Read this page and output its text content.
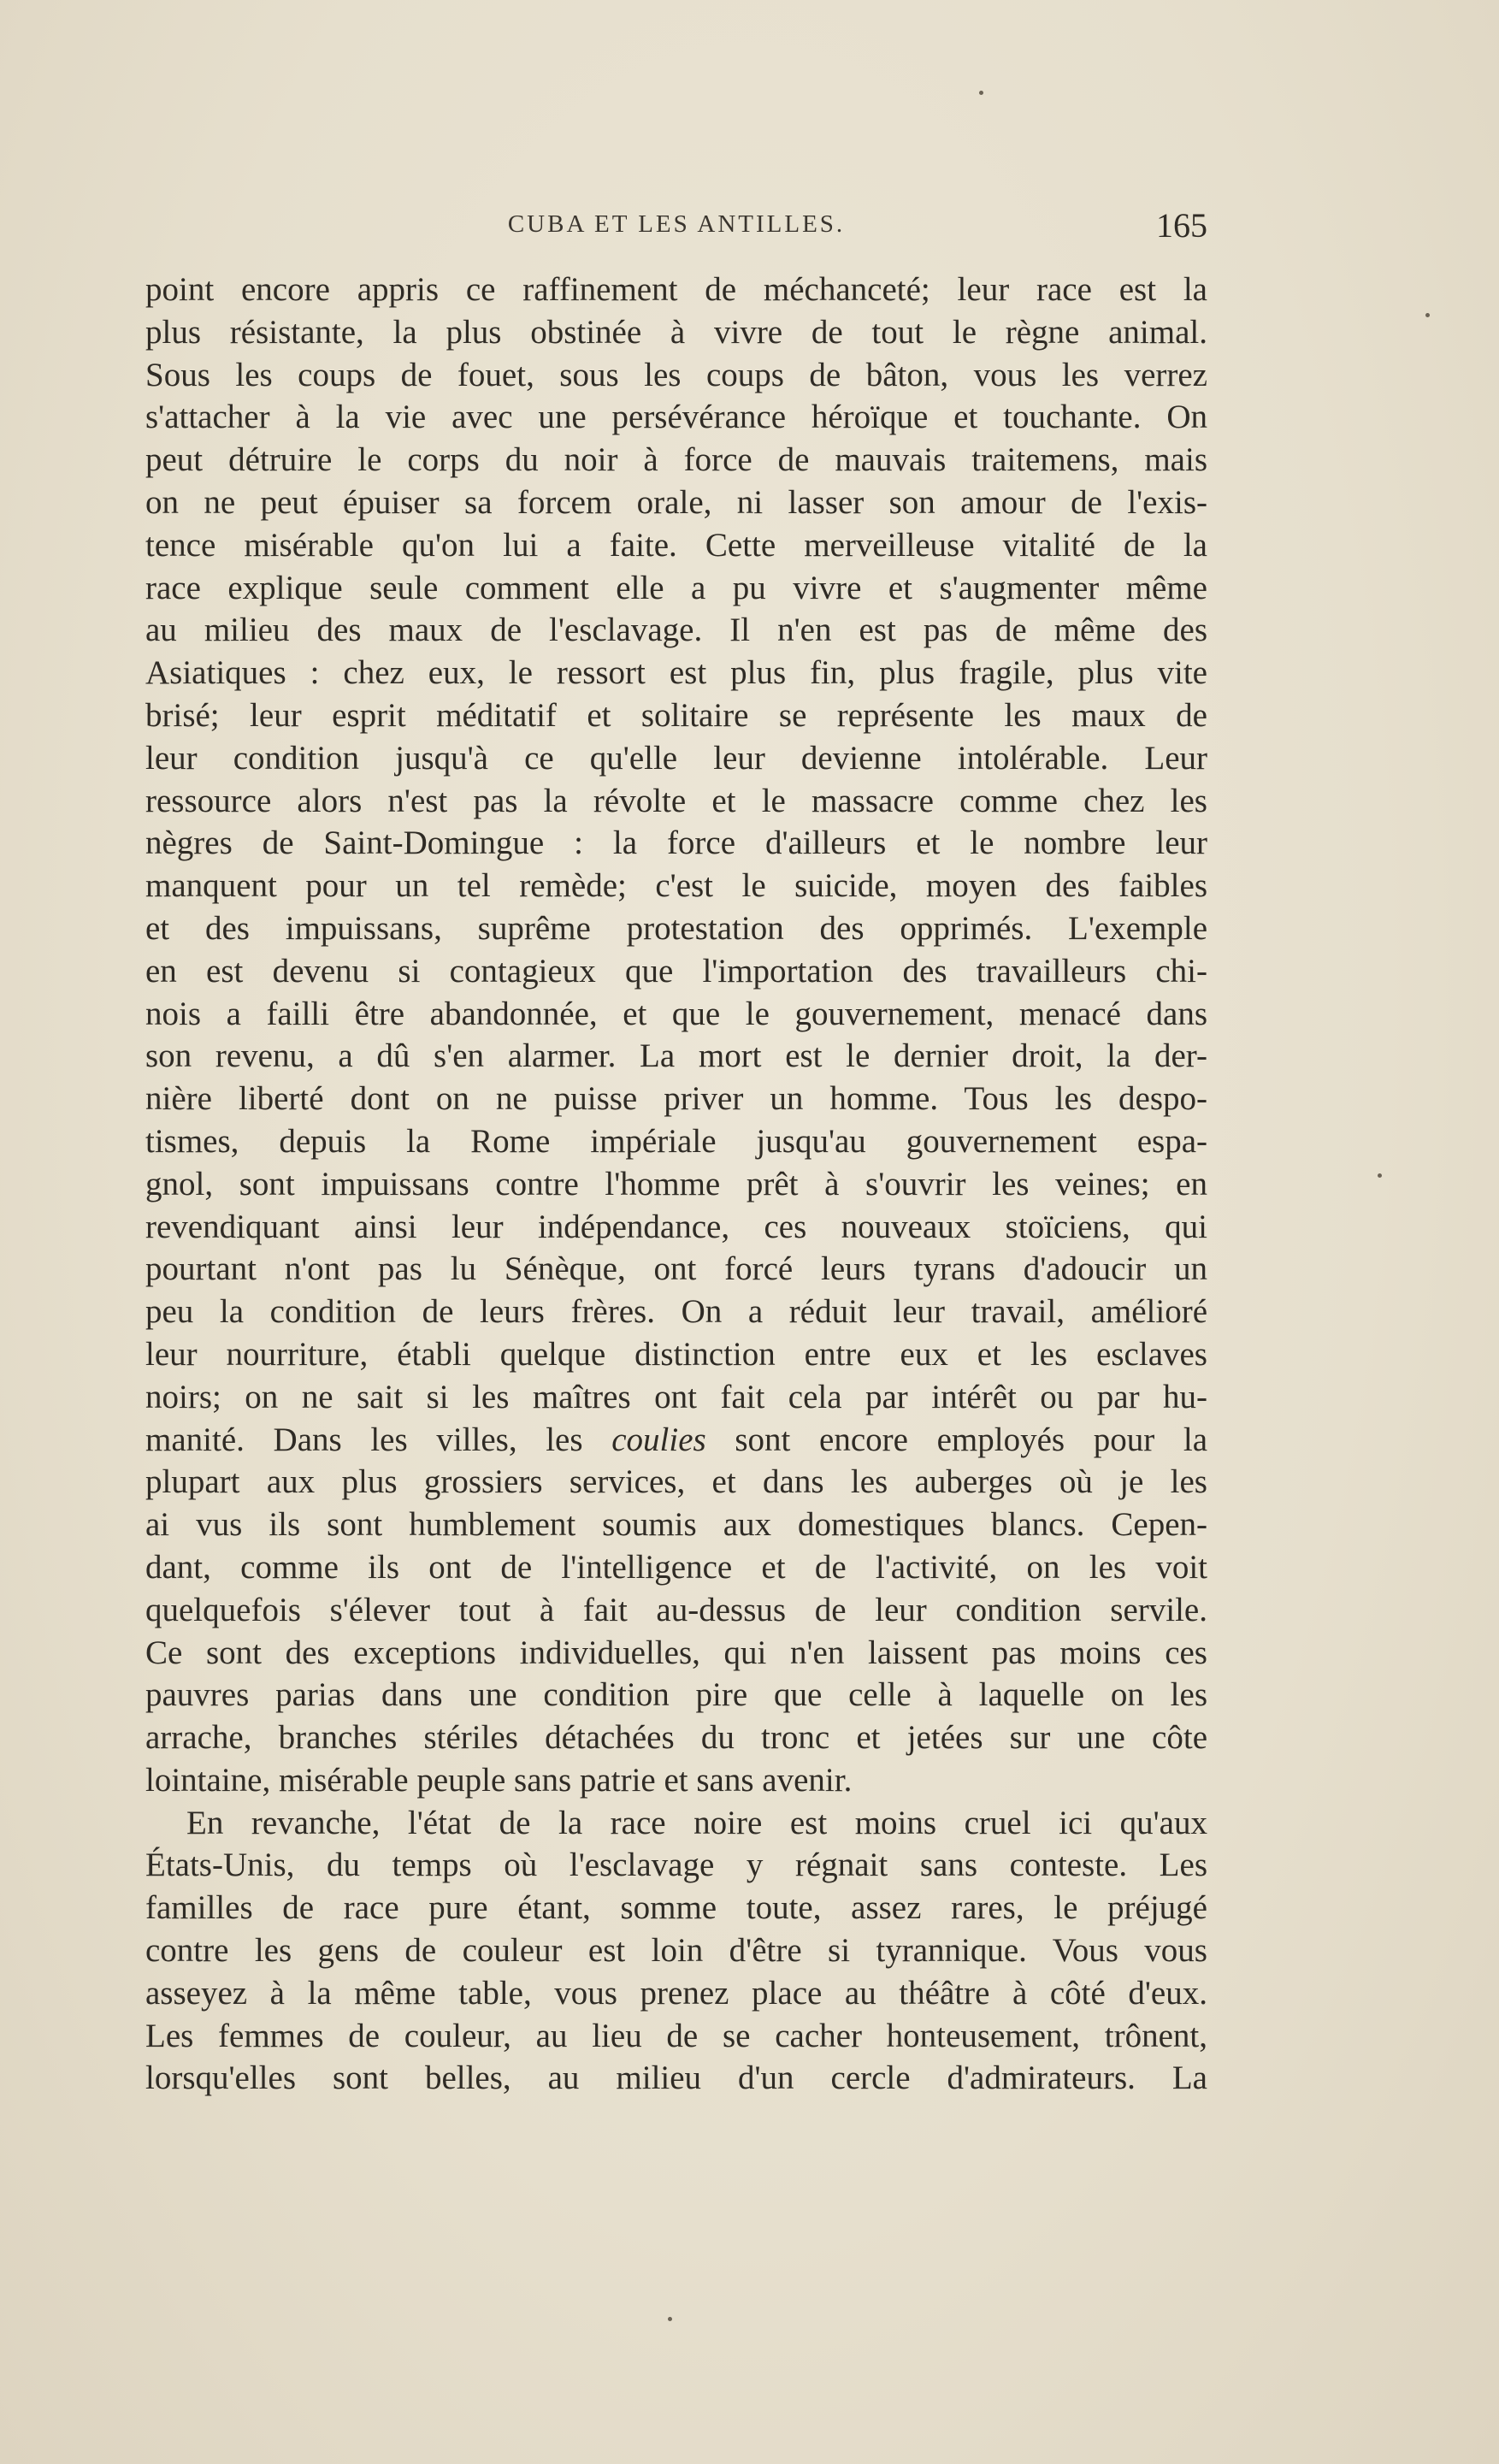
CUBA ET LES ANTILLES.	165
point encore appris ce raffinement de méchanceté; leur race est la
plus résistante, la plus obstinée à vivre de tout le règne animal.
Sous les coups de fouet, sous les coups de bâton, vous les verrez
s'attacher à la vie avec une persévérance héroïque et touchante. On
peut détruire le corps du noir à force de mauvais traitemens, mais
on ne peut épuiser sa forcem orale, ni lasser son amour de l'exis-
tence misérable qu'on lui a faite. Cette merveilleuse vitalité de la
race explique seule comment elle a pu vivre et s'augmenter même
au milieu des maux de l'esclavage. Il n'en est pas de même des
Asiatiques : chez eux, le ressort est plus fin, plus fragile, plus vite
brisé; leur esprit méditatif et solitaire se représente les maux de
leur condition jusqu'à ce qu'elle leur devienne intolérable. Leur
ressource alors n'est pas la révolte et le massacre comme chez les
nègres de Saint-Domingue : la force d'ailleurs et le nombre leur
manquent pour un tel remède; c'est le suicide, moyen des faibles
et des impuissans, suprême protestation des opprimés. L'exemple
en est devenu si contagieux que l'importation des travailleurs chi-
nois a failli être abandonnée, et que le gouvernement, menacé dans
son revenu, a dû s'en alarmer. La mort est le dernier droit, la der-
nière liberté dont on ne puisse priver un homme. Tous les despo-
tismes, depuis la Rome impériale jusqu'au gouvernement espa-
gnol, sont impuissans contre l'homme prêt à s'ouvrir les veines; en
revendiquant ainsi leur indépendance, ces nouveaux stoïciens, qui
pourtant n'ont pas lu Sénèque, ont forcé leurs tyrans d'adoucir un
peu la condition de leurs frères. On a réduit leur travail, amélioré
leur nourriture, établi quelque distinction entre eux et les esclaves
noirs; on ne sait si les maîtres ont fait cela par intérêt ou par hu-
manité. Dans les villes, les coulies sont encore employés pour la
plupart aux plus grossiers services, et dans les auberges où je les
ai vus ils sont humblement soumis aux domestiques blancs. Cepen-
dant, comme ils ont de l'intelligence et de l'activité, on les voit
quelquefois s'élever tout à fait au-dessus de leur condition servile.
Ce sont des exceptions individuelles, qui n'en laissent pas moins ces
pauvres parias dans une condition pire que celle à laquelle on les
arrache, branches stériles détachées du tronc et jetées sur une côte
lointaine, misérable peuple sans patrie et sans avenir.
En revanche, l'état de la race noire est moins cruel ici qu'aux
États-Unis, du temps où l'esclavage y régnait sans conteste. Les
familles de race pure étant, somme toute, assez rares, le préjugé
contre les gens de couleur est loin d'être si tyrannique. Vous vous
asseyez à la même table, vous prenez place au théâtre à côté d'eux.
Les femmes de couleur, au lieu de se cacher honteusement, trônent,
lorsqu'elles sont belles, au milieu d'un cercle d'admirateurs. La
